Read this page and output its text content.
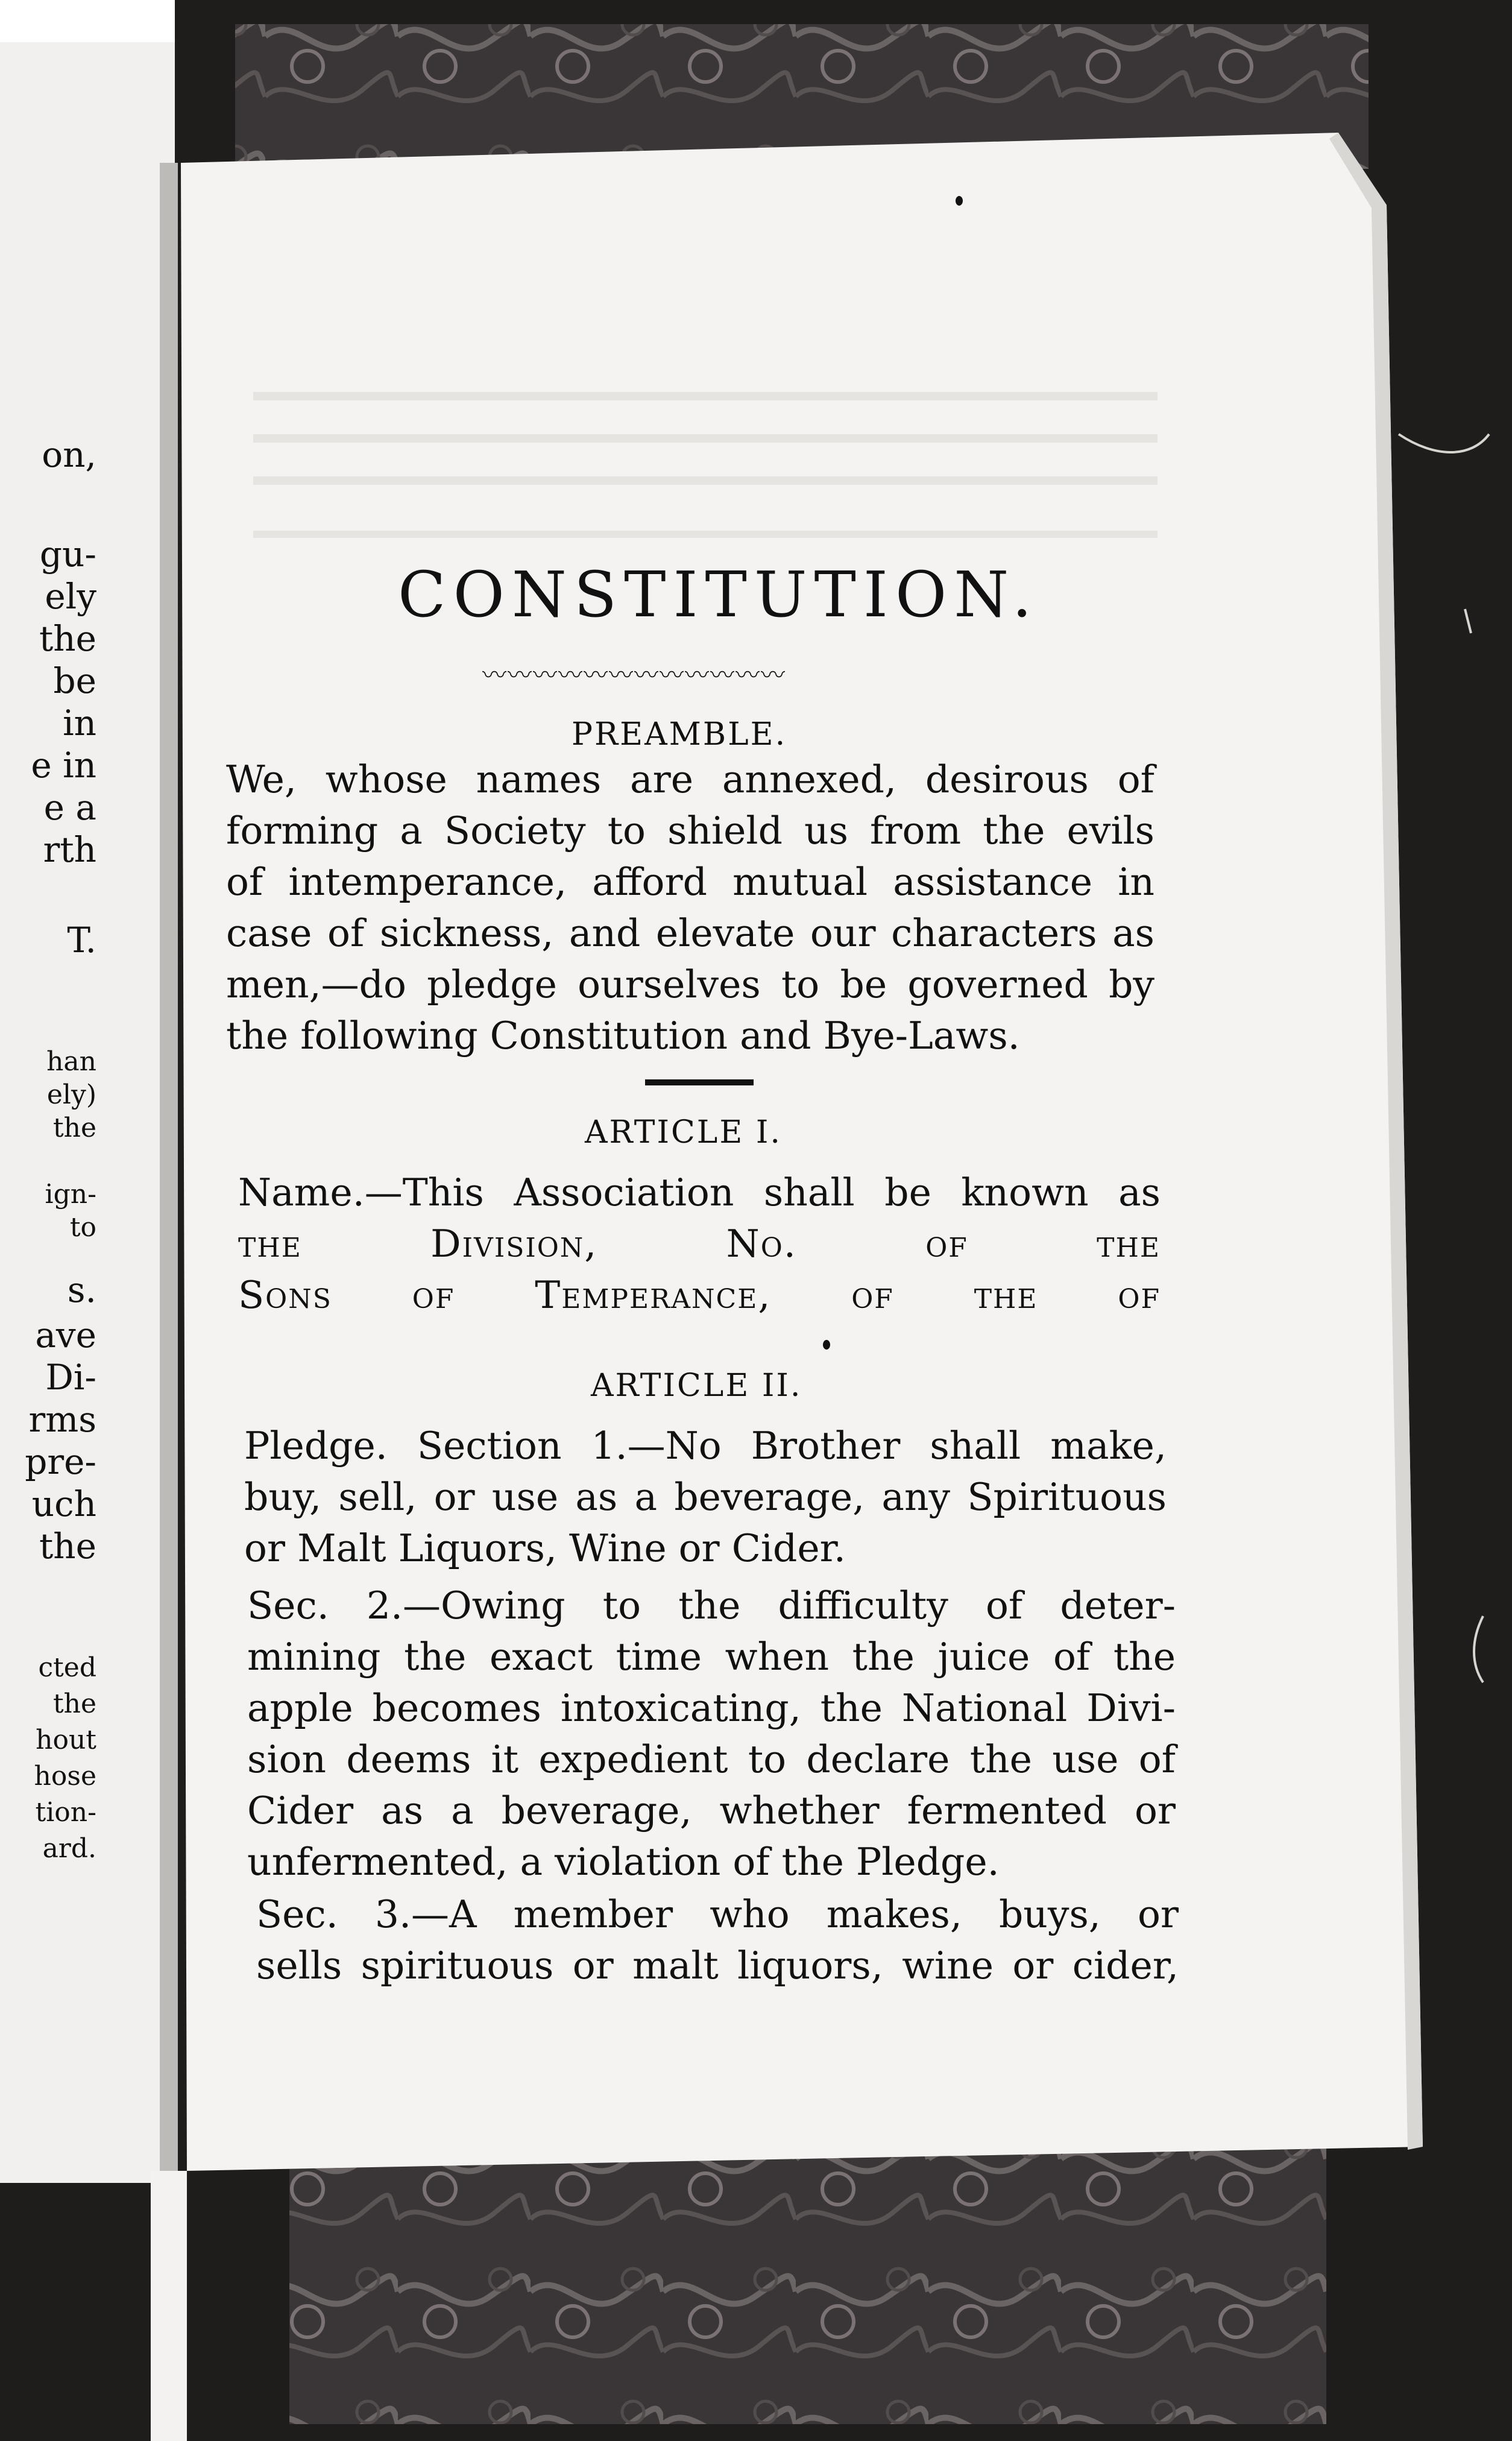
on,
gu-
ely
the
be
in
e in
e a
rth
T.
han
ely)
the
ign-
to
s.
ave
Di-
rms
pre-
uch
the
cted
the
hout
hose
tion-
ard.
CONSTITUTION.
〰〰〰〰〰〰〰〰〰〰〰〰
PREAMBLE.
We, whose names are annexed, desirous of
forming a Society to shield us from the evils
of intemperance, afford mutual assistance in
case of sickness, and elevate our characters as
men,—do pledge ourselves to be governed by
the following Constitution and Bye-Laws.
ARTICLE I.
Name.—This Association shall be known as
the Division, No. of the
Sons of Temperance, of the of
ARTICLE II.
Pledge. Section 1.—No Brother shall make,
buy, sell, or use as a beverage, any Spirituous
or Malt Liquors, Wine or Cider.
Sec. 2.—Owing to the difficulty of deter-
mining the exact time when the juice of the
apple becomes intoxicating, the National Divi-
sion deems it expedient to declare the use of
Cider as a beverage, whether fermented or
unfermented, a violation of the Pledge.
Sec. 3.—A member who makes, buys, or
sells spirituous or malt liquors, wine or cider,
